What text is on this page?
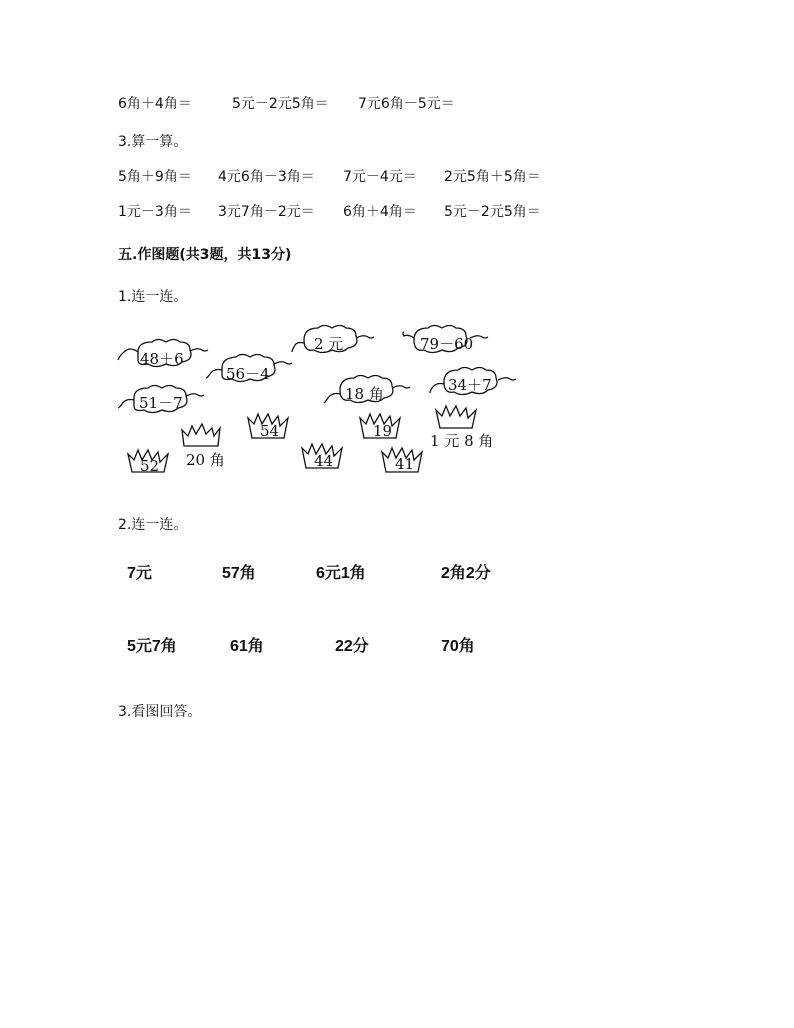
6角＋4角＝	5元－2元5角＝ 7元6角－5元＝
3.算一算。
5角＋9角＝ 4元6角－3角＝ 7元－4元＝ 2元5角＋5角＝
1元－3角＝ 3元7角－2元＝ 6角＋4角＝ 5元－2元5角＝
五.作图题(共3题，共13分)
1.连一连。
48＋6
56－4
51－7
2 元
18 角
79－60
34＋7
20 角
54
44
19
41
1 元 8 角
52
2.连一连。
7元	57角	6元1角	2角2分
5元7角	61角	22分	70角
3.看图回答。
